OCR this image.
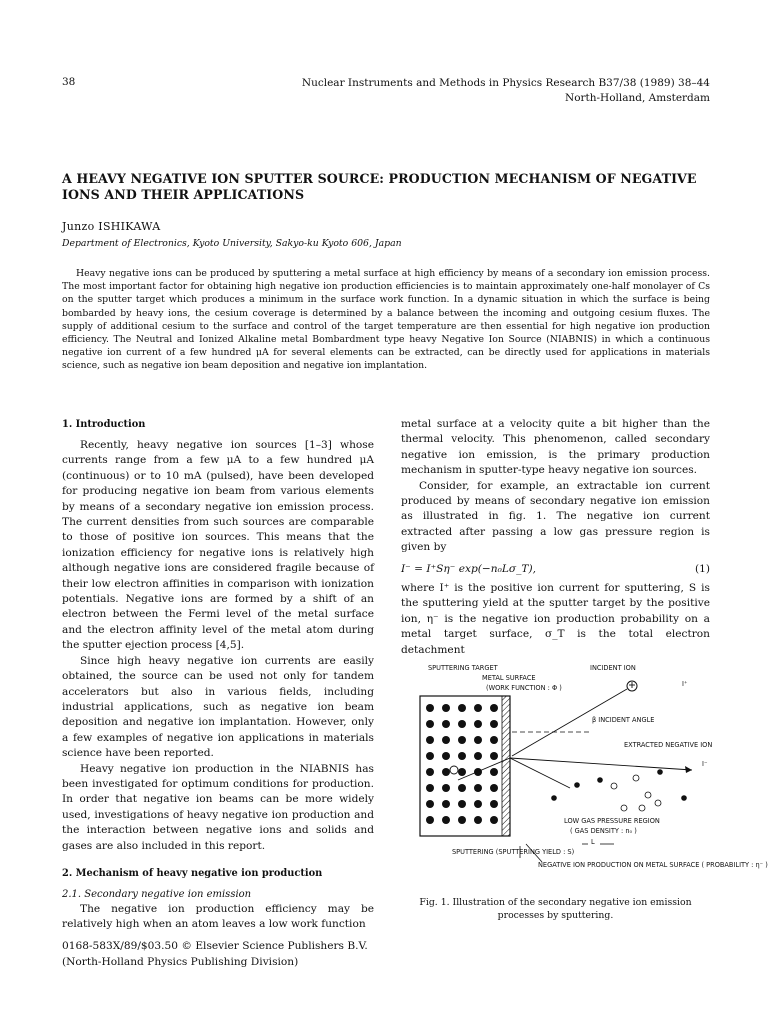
38	Nuclear Instruments and Methods in Physics Research B37/38 (1989) 38–44
North-Holland, Amsterdam
A HEAVY NEGATIVE ION SPUTTER SOURCE: PRODUCTION MECHANISM OF NEGATIVE IONS AND THEIR APPLICATIONS
Junzo ISHIKAWA
Department of Electronics, Kyoto University, Sakyo-ku Kyoto 606, Japan
Heavy negative ions can be produced by sputtering a metal surface at high efficiency by means of a secondary ion emission process. The most important factor for obtaining high negative ion production efficiencies is to maintain approximately one-half monolayer of Cs on the sputter target which produces a minimum in the surface work function. In a dynamic situation in which the surface is being bombarded by heavy ions, the cesium coverage is determined by a balance between the incoming and outgoing cesium fluxes. The supply of additional cesium to the surface and control of the target temperature are then essential for high negative ion production efficiency. The Neutral and Ionized Alkaline metal Bombardment type heavy Negative Ion Source (NIABNIS) in which a continuous negative ion current of a few hundred μA for several elements can be extracted, can be directly used for applications in materials science, such as negative ion beam deposition and negative ion implantation.
1. Introduction

Recently, heavy negative ion sources [1–3] whose currents range from a few μA to a few hundred μA (continuous) or to 10 mA (pulsed), have been developed for producing negative ion beam from various elements by means of a secondary negative ion emission process. The current densities from such sources are comparable to those of positive ion sources. This means that the ionization efficiency for negative ions is relatively high although negative ions are considered fragile because of their low electron affinities in comparison with ionization potentials. Negative ions are formed by a shift of an electron between the Fermi level of the metal surface and the electron affinity level of the metal atom during the sputter ejection process [4,5].

Since high heavy negative ion currents are easily obtained, the source can be used not only for tandem accelerators but also in various fields, including industrial applications, such as negative ion beam deposition and negative ion implantation. However, only a few examples of negative ion applications in materials science have been reported.

Heavy negative ion production in the NIABNIS has been investigated for optimum conditions for production. In order that negative ion beams can be more widely used, investigations of heavy negative ion production and the interaction between negative ions and solids and gases are also included in this report.

2. Mechanism of heavy negative ion production
2.1. Secondary negative ion emission

The negative ion production efficiency may be relatively high when an atom leaves a low work function

metal surface at a velocity quite a bit higher than the thermal velocity. This phenomenon, called secondary negative ion emission, is the primary production mechanism in sputter-type heavy negative ion sources.

Consider, for example, an extractable ion current produced by means of secondary negative ion emission as illustrated in fig. 1. The negative ion current extracted after passing a low gas pressure region is given by

I⁻ = I⁺Sη⁻ exp(−n₀Lσ_T),	(1)

where I⁺ is the positive ion current for sputtering, S is the sputtering yield at the sputter target by the positive ion, η⁻ is the negative ion production probability on a metal target surface, σ_T is the total electron detachment

SPUTTERING TARGET
METAL SURFACE
(WORK FUNCTION : Φ )
INCIDENT ION
I⁺
β INCIDENT ANGLE
EXTRACTED NEGATIVE ION
I⁻
LOW GAS PRESSURE REGION
( GAS DENSITY : n₀ )
L
SPUTTERING (SPUTTERING YIELD : S)
NEGATIVE ION PRODUCTION ON METAL SURFACE ( PROBABILITY : η⁻ )
Fig. 1. Illustration of the secondary negative ion emission processes by sputtering.
0168-583X/89/$03.50 © Elsevier Science Publishers B.V.
(North-Holland Physics Publishing Division)
